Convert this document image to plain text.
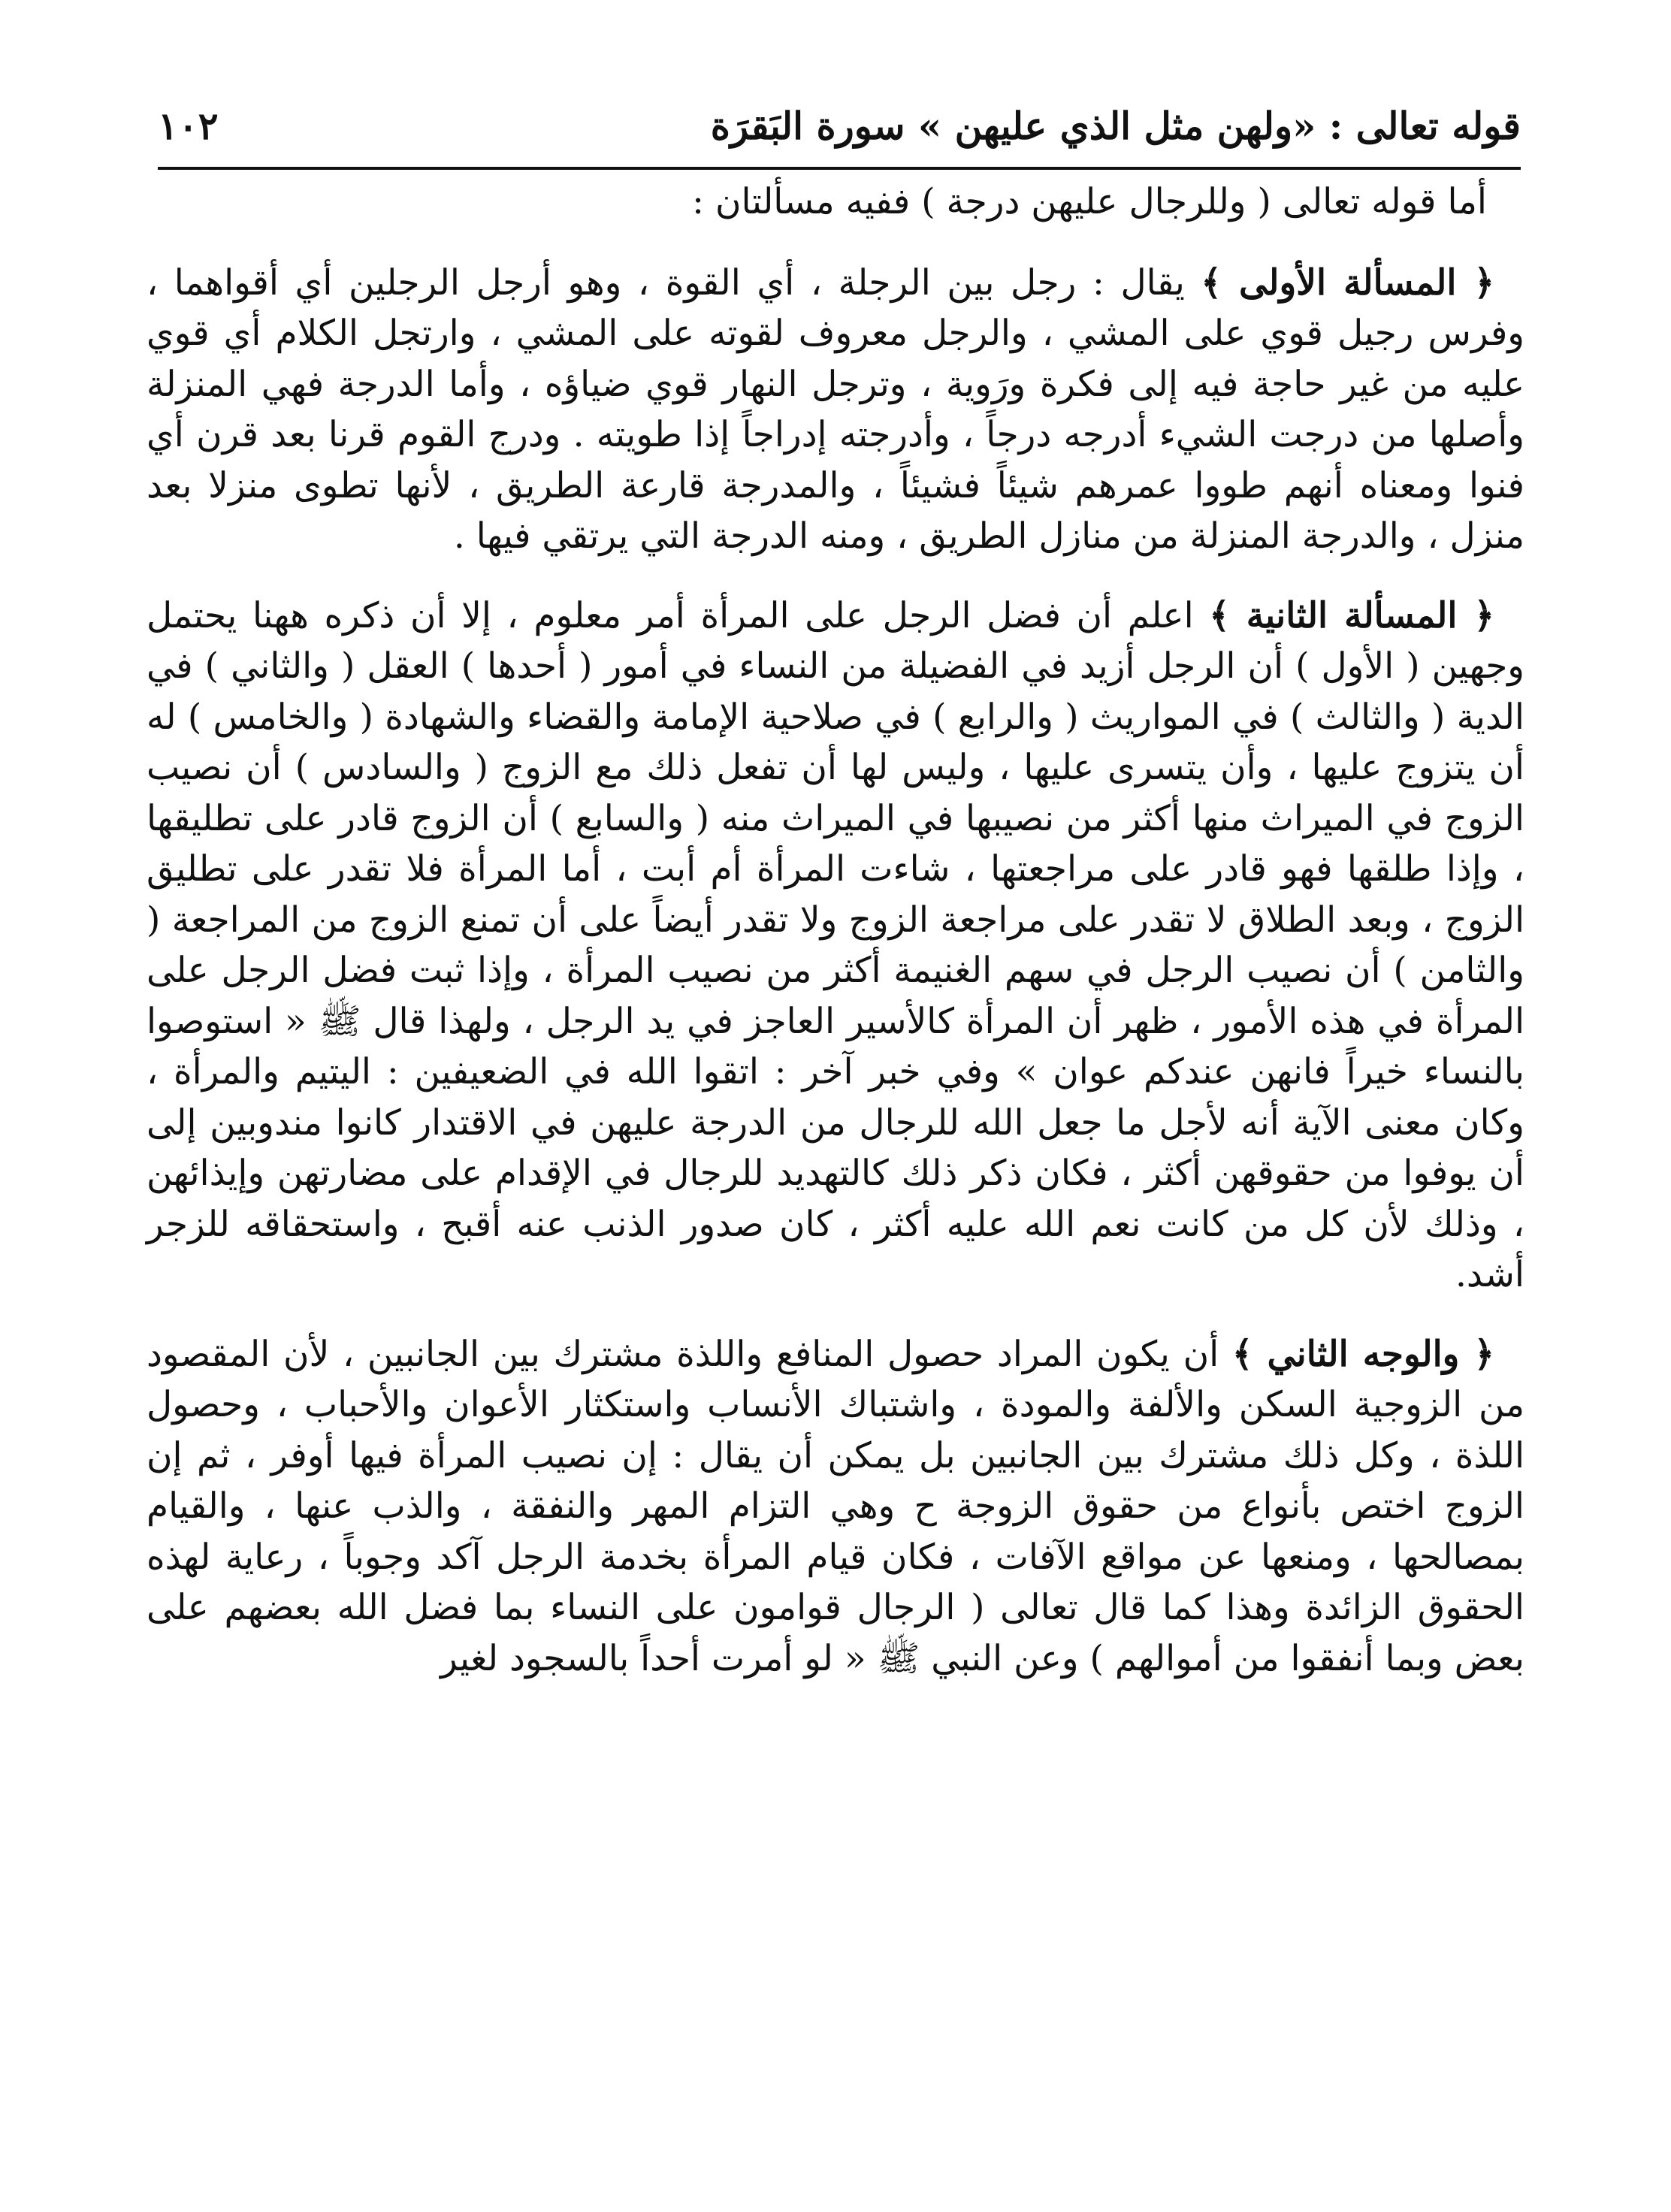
قوله تعالى : «ولهن مثل الذي عليهن » سورة البَقرَة
١٠٢

أما قوله تعالى ( وللرجال عليهن درجة ) ففيه مسألتان :

﴿ المسألة الأولى ﴾ يقال : رجل بين الرجلة ، أي القوة ، وهو أرجل الرجلين أي أقواهما ، وفرس رجيل قوي على المشي ، والرجل معروف لقوته على المشي ، وارتجل الكلام أي قوي عليه من غير حاجة فيه إلى فكرة ورَوية ، وترجل النهار قوي ضياؤه ، وأما الدرجة فهي المنزلة وأصلها من درجت الشيء أدرجه درجاً ، وأدرجته إدراجاً إذا طويته . ودرج القوم قرنا بعد قرن أي فنوا ومعناه أنهم طووا عمرهم شيئاً فشيئاً ، والمدرجة قارعة الطريق ، لأنها تطوى منزلا بعد منزل ، والدرجة المنزلة من منازل الطريق ، ومنه الدرجة التي يرتقي فيها .

﴿ المسألة الثانية ﴾ اعلم أن فضل الرجل على المرأة أمر معلوم ، إلا أن ذكره ههنا يحتمل وجهين ( الأول ) أن الرجل أزيد في الفضيلة من النساء في أمور ( أحدها ) العقل ( والثاني ) في الدية ( والثالث ) في المواريث ( والرابع ) في صلاحية الإمامة والقضاء والشهادة ( والخامس ) له أن يتزوج عليها ، وأن يتسرى عليها ، وليس لها أن تفعل ذلك مع الزوج ( والسادس ) أن نصيب الزوج في الميراث منها أكثر من نصيبها في الميراث منه ( والسابع ) أن الزوج قادر على تطليقها ، وإذا طلقها فهو قادر على مراجعتها ، شاءت المرأة أم أبت ، أما المرأة فلا تقدر على تطليق الزوج ، وبعد الطلاق لا تقدر على مراجعة الزوج ولا تقدر أيضاً على أن تمنع الزوج من المراجعة ( والثامن ) أن نصيب الرجل في سهم الغنيمة أكثر من نصيب المرأة ، وإذا ثبت فضل الرجل على المرأة في هذه الأمور ، ظهر أن المرأة كالأسير العاجز في يد الرجل ، ولهذا قال ﷺ « استوصوا بالنساء خيراً فانهن عندكم عوان » وفي خبر آخر : اتقوا الله في الضعيفين : اليتيم والمرأة ، وكان معنى الآية أنه لأجل ما جعل الله للرجال من الدرجة عليهن في الاقتدار كانوا مندوبين إلى أن يوفوا من حقوقهن أكثر ، فكان ذكر ذلك كالتهديد للرجال في الإقدام على مضارتهن وإيذائهن ، وذلك لأن كل من كانت نعم الله عليه أكثر ، كان صدور الذنب عنه أقبح ، واستحقاقه للزجر أشد.

﴿ والوجه الثاني ﴾ أن يكون المراد حصول المنافع واللذة مشترك بين الجانبين ، لأن المقصود من الزوجية السكن والألفة والمودة ، واشتباك الأنساب واستكثار الأعوان والأحباب ، وحصول اللذة ، وكل ذلك مشترك بين الجانبين بل يمكن أن يقال : إن نصيب المرأة فيها أوفر ، ثم إن الزوج اختص بأنواع من حقوق الزوجة ح وهي التزام المهر والنفقة ، والذب عنها ، والقيام بمصالحها ، ومنعها عن مواقع الآفات ، فكان قيام المرأة بخدمة الرجل آكد وجوباً ، رعاية لهذه الحقوق الزائدة وهذا كما قال تعالى ( الرجال قوامون على النساء بما فضل الله بعضهم على بعض وبما أنفقوا من أموالهم ) وعن النبي ﷺ « لو أمرت أحداً بالسجود لغير
